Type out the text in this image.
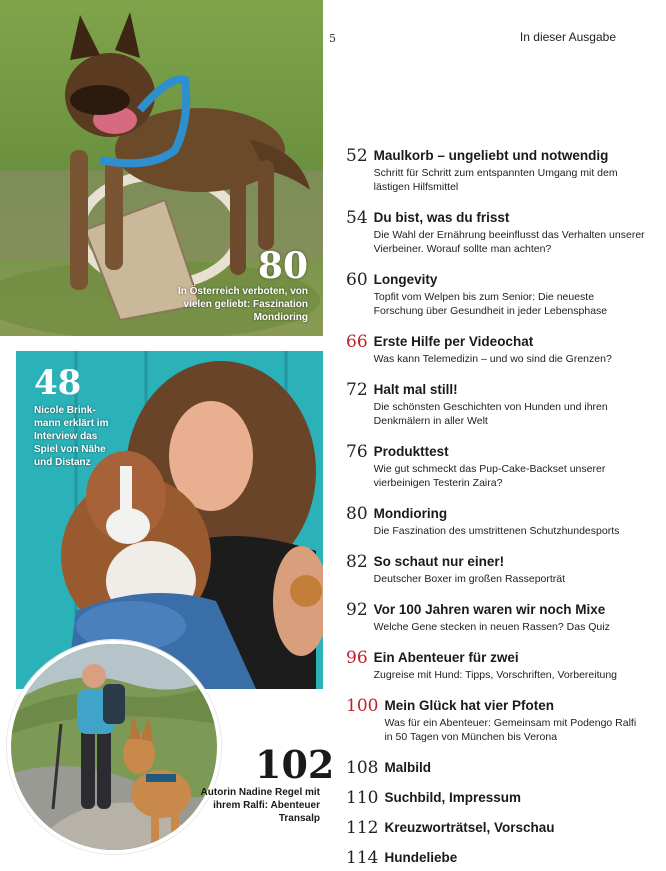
80
In Österreich verboten, von vielen geliebt: Faszination Mondioring
48
Nicole Brink-mann erklärt im Interview das Spiel von Nähe und Distanz
102
Autorin Nadine Regel mit ihrem Ralfi: Abenteuer Transalp
5	In dieser Ausgabe
52 Maulkorb – ungeliebt und notwendig
Schritt für Schritt zum entspannten Umgang mit dem lästigen Hilfsmittel
54 Du bist, was du frisst
Die Wahl der Ernährung beeinflusst das Verhalten unserer Vierbeiner. Worauf sollte man achten?
60 Longevity
Topfit vom Welpen bis zum Senior: Die neueste Forschung über Gesundheit in jeder Lebensphase
66 Erste Hilfe per Videochat
Was kann Telemedizin – und wo sind die Grenzen?
72 Halt mal still!
Die schönsten Geschichten von Hunden und ihren Denkmälern in aller Welt
76 Produkttest
Wie gut schmeckt das Pup-Cake-Backset unserer vierbeinigen Testerin Zaira?
80 Mondioring
Die Faszination des umstrittenen Schutzhundesports
82 So schaut nur einer!
Deutscher Boxer im großen Rasseporträt
92 Vor 100 Jahren waren wir noch Mixe
Welche Gene stecken in neuen Rassen? Das Quiz
96 Ein Abenteuer für zwei
Zugreise mit Hund: Tipps, Vorschriften, Vorbereitung
100 Mein Glück hat vier Pfoten
Was für ein Abenteuer: Gemeinsam mit Podengo Ralfi in 50 Tagen von München bis Verona
108 Malbild
110 Suchbild, Impressum
112 Kreuzworträtsel, Vorschau
114 Hundeliebe
